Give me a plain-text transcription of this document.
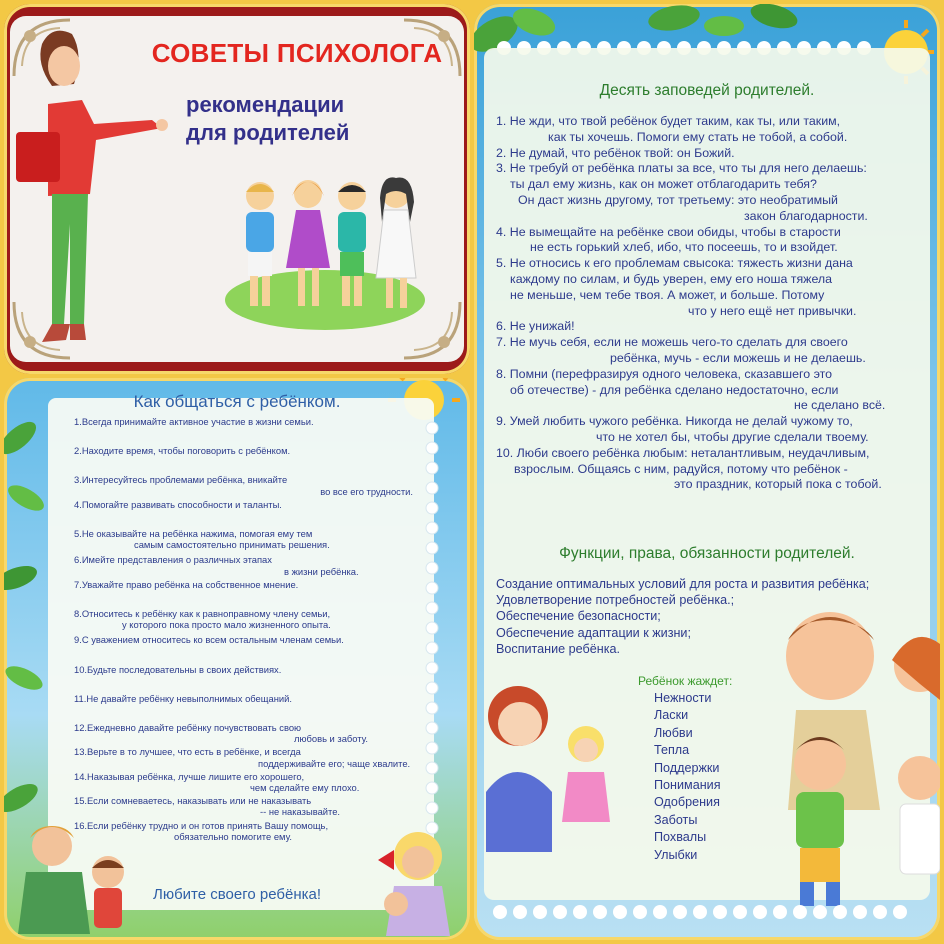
СОВЕТЫ ПСИХОЛОГА
рекомендации
для родителей
Десять заповедей родителей.
1. Не жди, что твой ребёнок будет таким, как ты, или таким,
как ты хочешь. Помоги ему стать не тобой, а собой.
2. Не думай, что ребёнок твой: он Божий.
3. Не требуй от ребёнка платы за все, что ты для него делаешь:
ты дал ему жизнь, как он может отблагодарить тебя?
Он даст жизнь другому, тот третьему: это необратимый
закон благодарности.
4. Не вымещайте на ребёнке свои обиды, чтобы в старости
не есть горький хлеб, ибо, что посеешь, то и взойдет.
5. Не относись к его проблемам свысока: тяжесть жизни дана
каждому по силам, и будь уверен, ему его ноша тяжела
не меньше, чем тебе твоя. А может, и больше. Потому
что у него ещё нет привычки.
6. Не унижай!
7. Не мучь себя, если не можешь чего-то сделать для своего
ребёнка, мучь - если можешь и не делаешь.
8. Помни (перефразируя одного человека, сказавшего это
об отечестве) - для ребёнка сделано недостаточно, если
не сделано всё.
9. Умей любить чужого ребёнка. Никогда не делай чужому то,
что не хотел бы, чтобы другие сделали твоему.
10. Люби своего ребёнка любым: неталантливым, неудачливым,
взрослым. Общаясь с ним, радуйся, потому что ребёнок -
это праздник, который пока с тобой.
Функции, права, обязанности родителей.
Создание оптимальных условий для роста и развития ребёнка;
Удовлетворение потребностей ребёнка.;
Обеспечение безопасности;
Обеспечение адаптации к жизни;
Воспитание ребёнка.
Ребёнок жаждет:
Нежности
Ласки
Любви
Тепла
Поддержки
Понимания
Одобрения
Заботы
Похвалы
Улыбки
Как общаться с ребёнком.
1.Всегда принимайте активное участие в жизни семьи.
2.Находите время, чтобы поговорить с ребёнком.
3.Интересуйтесь проблемами ребёнка, вникайте
во все его трудности.
4.Помогайте развивать способности и таланты.
5.Не оказывайте на ребёнка нажима, помогая ему тем
самым самостоятельно принимать решения.
6.Имейте представления о различных этапах
в жизни ребёнка.
7.Уважайте право ребёнка на собственное мнение.
8.Относитесь к ребёнку как к равноправному члену семьи,
у которого пока просто мало жизненного опыта.
9.С уважением относитесь ко всем остальным членам семьи.
10.Будьте последовательны в своих действиях.
11.Не давайте ребёнку невыполнимых обещаний.
12.Ежедневно давайте ребёнку почувствовать свою
любовь и заботу.
13.Верьте в то лучшее, что есть в ребёнке, и всегда
поддерживайте его; чаще хвалите.
14.Наказывая ребёнка, лучше лишите его хорошего,
чем сделайте ему плохо.
15.Если сомневаетесь, наказывать или не наказывать
-- не наказывайте.
16.Если ребёнку трудно и он готов принять Вашу помощь,
обязательно помогите ему.
Любите своего ребёнка!
